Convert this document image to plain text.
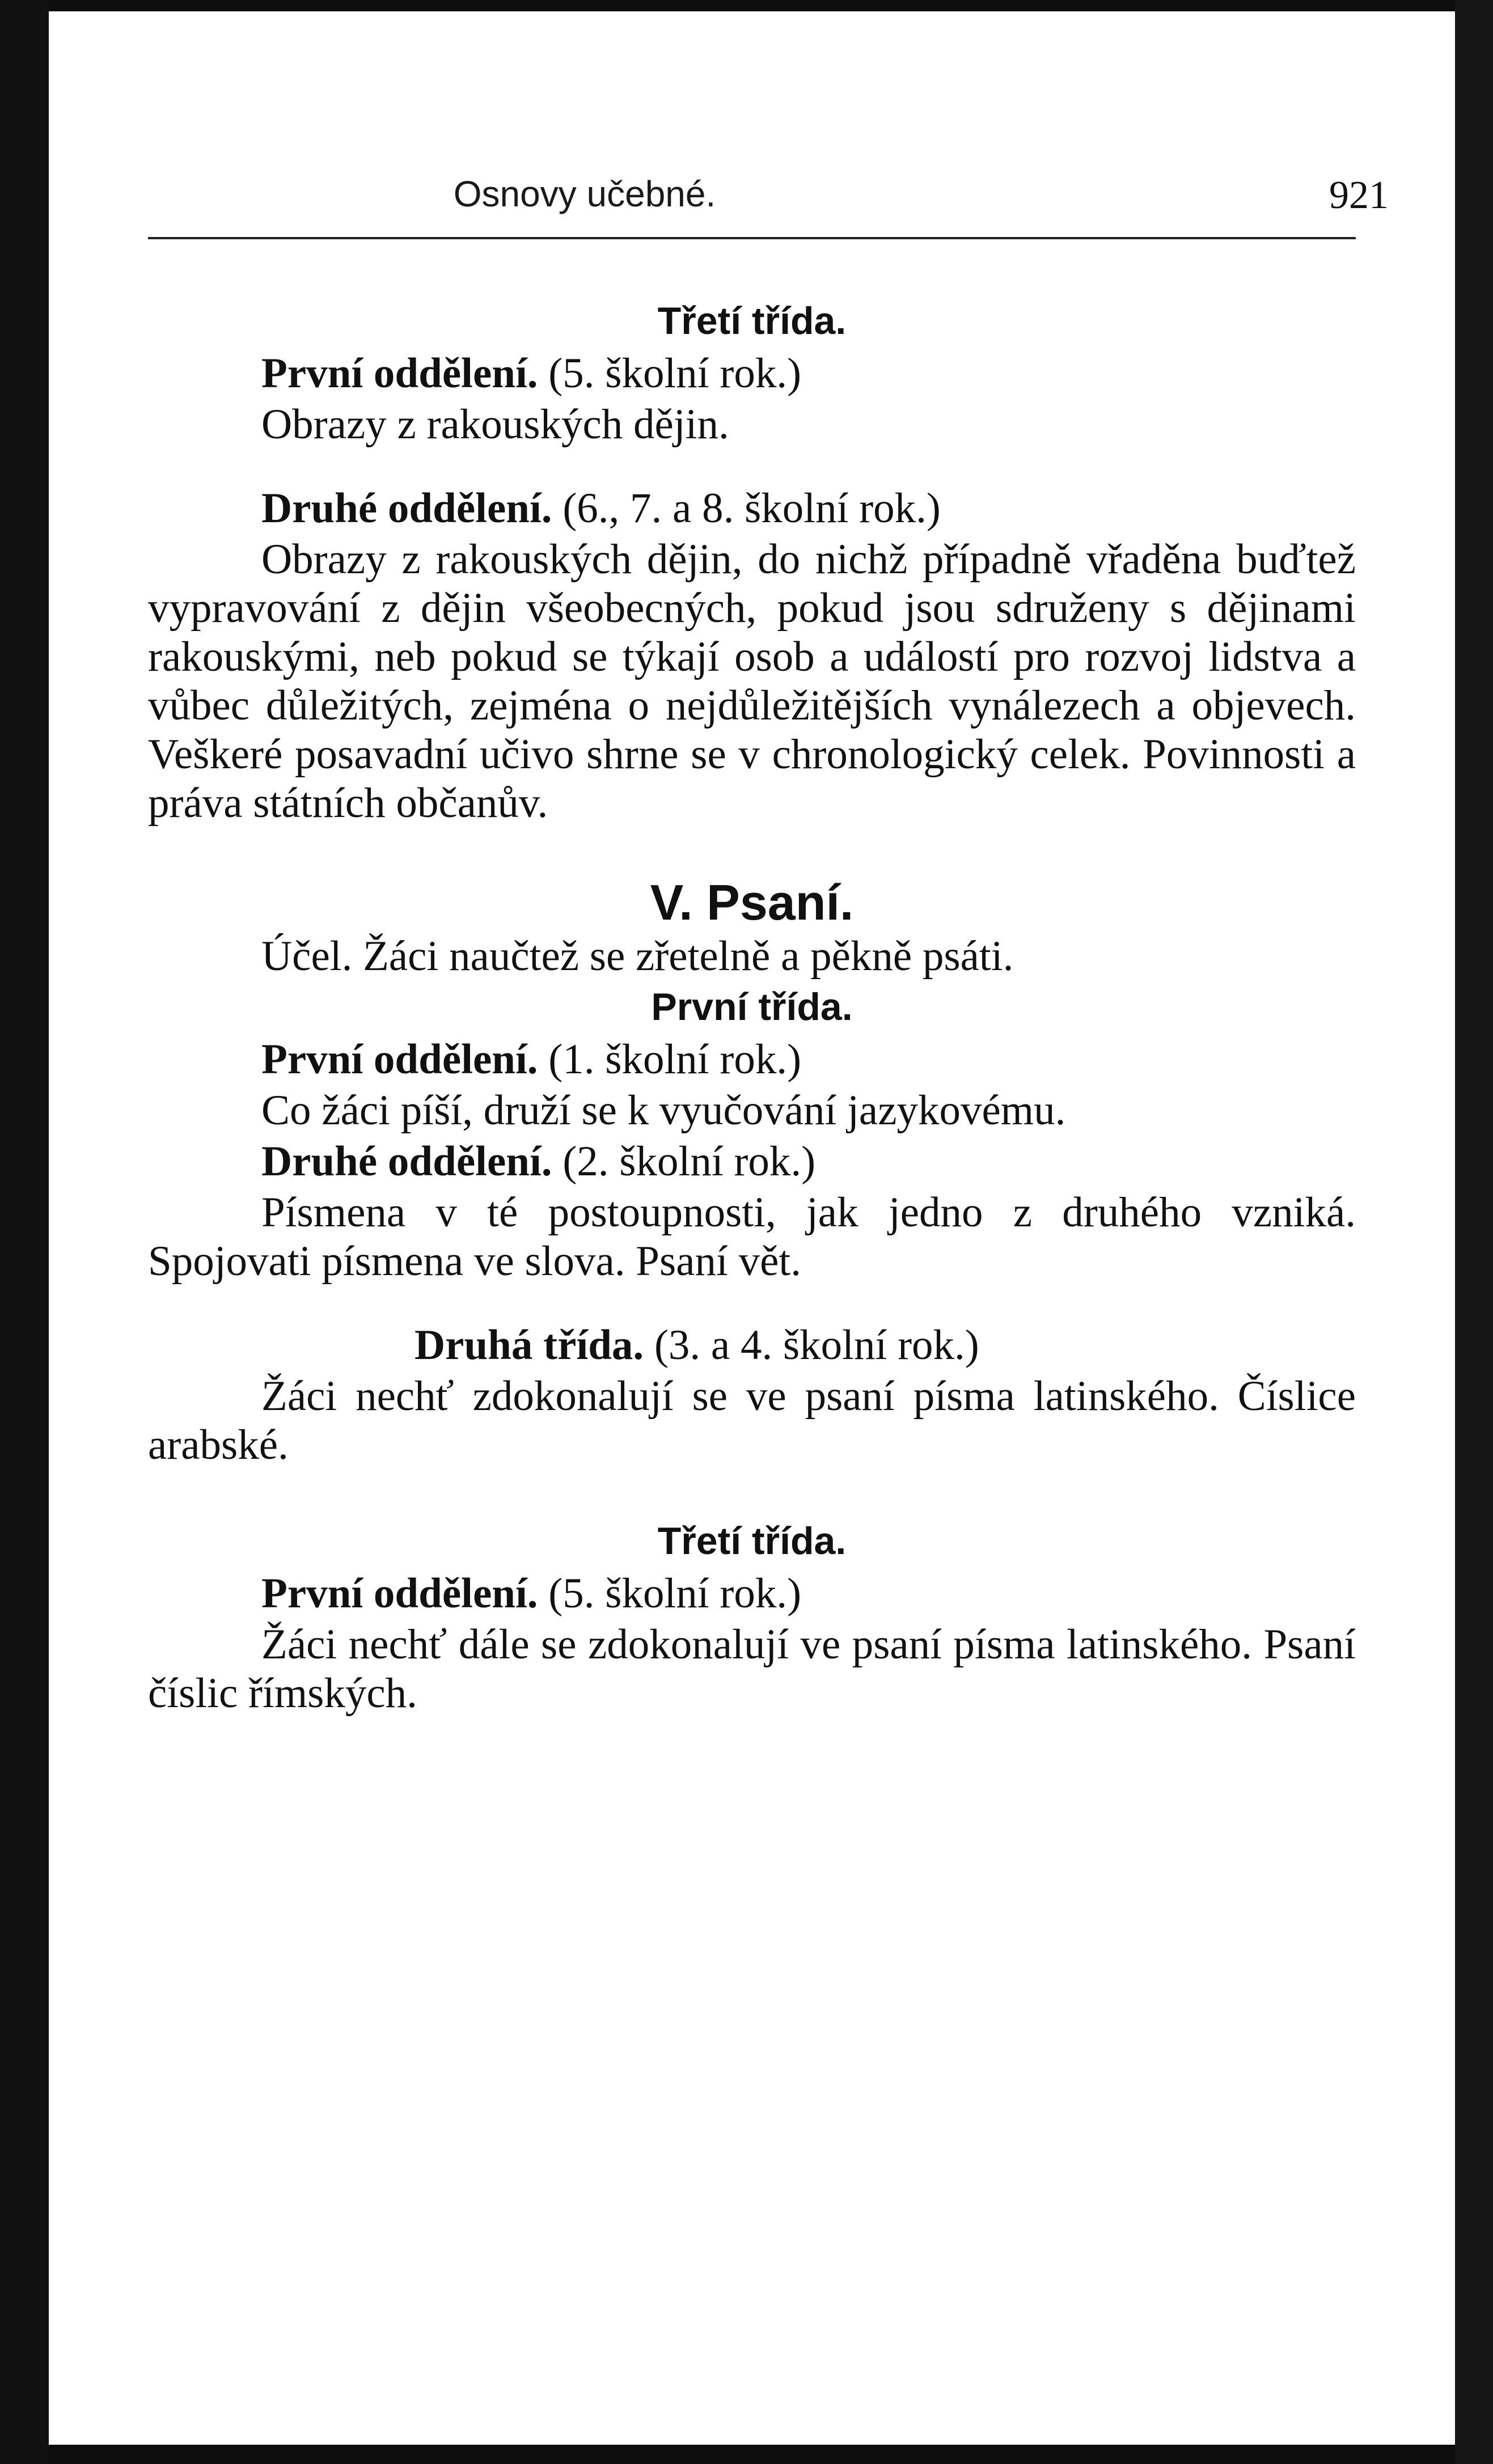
Osnovy učebné.	921
Třetí třída.
První oddělení. (5. školní rok.)

Obrazy z rakouských dějin.

Druhé oddělení. (6., 7. a 8. školní rok.)

Obrazy z rakouských dějin, do nichž případně vřaděna buďtež vypravování z dějin všeobecných, pokud jsou sdruženy s dějinami rakouskými, neb pokud se týkají osob a událostí pro rozvoj lidstva a vůbec důležitých, zejména o nejdůležitějších vynálezech a objevech. Veškeré posavadní učivo shrne se v chronologický celek. Povinnosti a práva státních občanův.

V. Psaní.

Účel. Žáci naučtež se zřetelně a pěkně psáti.

První třída.
První oddělení. (1. školní rok.)

Co žáci píší, druží se k vyučování jazykovému.

Druhé oddělení. (2. školní rok.)

Písmena v té postoupnosti, jak jedno z druhého vzniká. Spojovati písmena ve slova. Psaní vět.

Druhá třída. (3. a 4. školní rok.)

Žáci nechť zdokonalují se ve psaní písma latinského. Číslice arabské.

Třetí třída.
První oddělení. (5. školní rok.)

Žáci nechť dále se zdokonalují ve psaní písma latinského. Psaní číslic římských.
